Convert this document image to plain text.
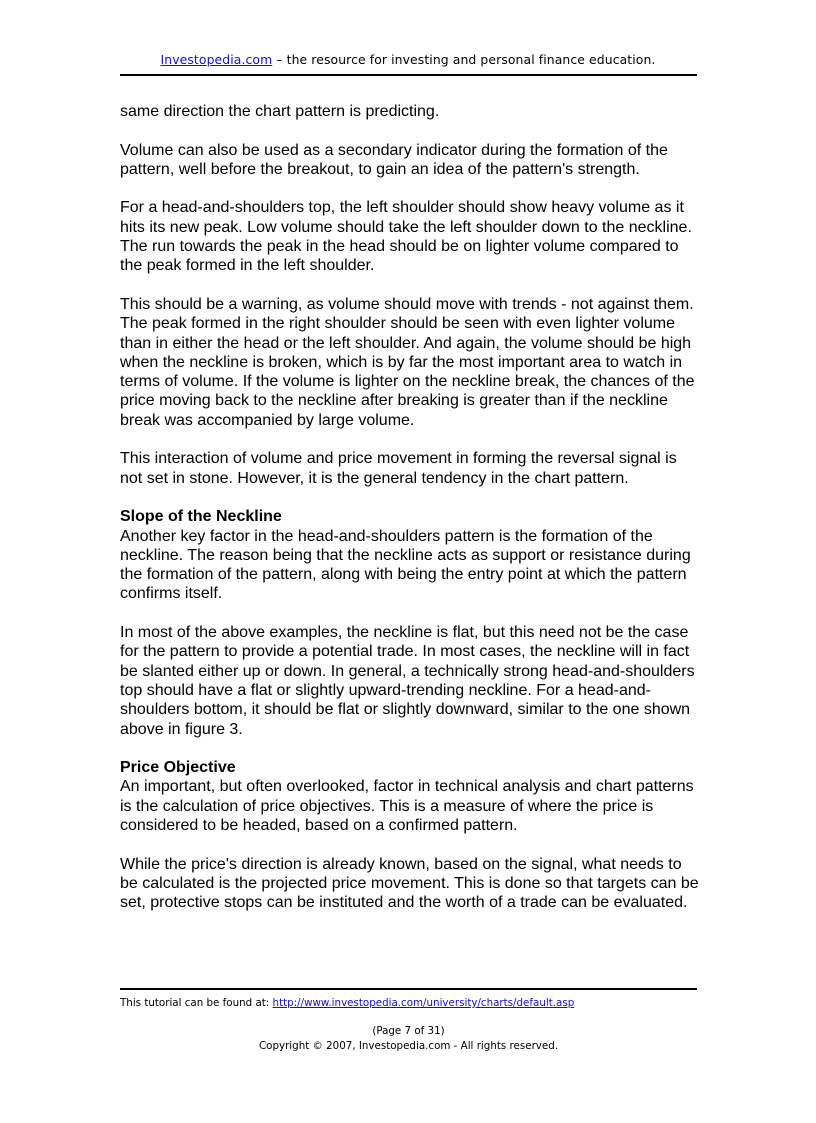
Investopedia.com – the resource for investing and personal finance education.

same direction the chart pattern is predicting.

Volume can also be used as a secondary indicator during the formation of the pattern, well before the breakout, to gain an idea of the pattern's strength.

For a head-and-shoulders top, the left shoulder should show heavy volume as it hits its new peak. Low volume should take the left shoulder down to the neckline. The run towards the peak in the head should be on lighter volume compared to the peak formed in the left shoulder.

This should be a warning, as volume should move with trends - not against them. The peak formed in the right shoulder should be seen with even lighter volume than in either the head or the left shoulder. And again, the volume should be high when the neckline is broken, which is by far the most important area to watch in terms of volume. If the volume is lighter on the neckline break, the chances of the price moving back to the neckline after breaking is greater than if the neckline break was accompanied by large volume.

This interaction of volume and price movement in forming the reversal signal is not set in stone. However, it is the general tendency in the chart pattern.

Slope of the Neckline

Another key factor in the head-and-shoulders pattern is the formation of the neckline. The reason being that the neckline acts as support or resistance during the formation of the pattern, along with being the entry point at which the pattern confirms itself.

In most of the above examples, the neckline is flat, but this need not be the case for the pattern to provide a potential trade. In most cases, the neckline will in fact be slanted either up or down. In general, a technically strong head-and-shoulders top should have a flat or slightly upward-trending neckline. For a head-and-shoulders bottom, it should be flat or slightly downward, similar to the one shown above in figure 3.

Price Objective

An important, but often overlooked, factor in technical analysis and chart patterns is the calculation of price objectives. This is a measure of where the price is considered to be headed, based on a confirmed pattern.

While the price's direction is already known, based on the signal, what needs to be calculated is the projected price movement. This is done so that targets can be set, protective stops can be instituted and the worth of a trade can be evaluated.

This tutorial can be found at: http://www.investopedia.com/university/charts/default.asp
(Page 7 of 31)
Copyright © 2007, Investopedia.com - All rights reserved.
